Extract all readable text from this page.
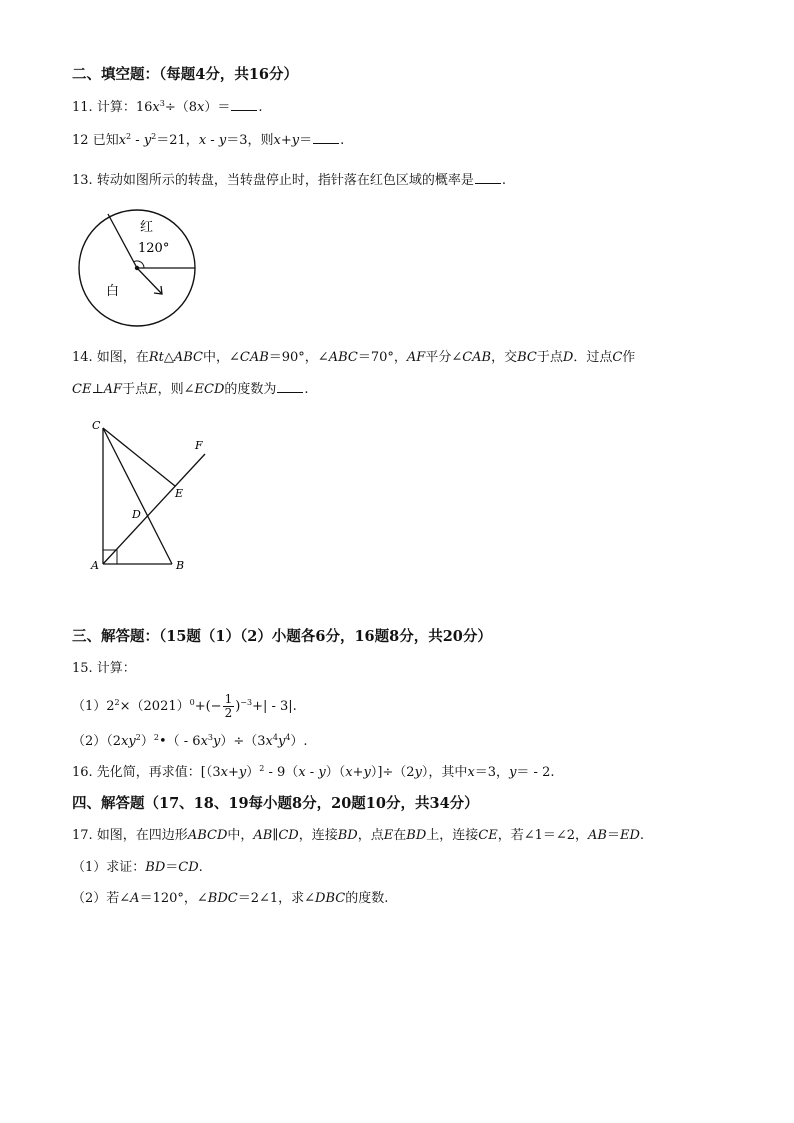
二、填空题：（每题4分，共16分）
11. 计算：$16x^3\div(8x)=$ .
12 已知$x^2 - y^2=21$，x - y＝3，则x+y＝ .
13. 转动如图所示的转盘，当转盘停止时，指针落在红色区域的概率是 .
红
120°
白
14. 如图，在Rt△ABC中，∠CAB＝90°，∠ABC＝70°，AF平分∠CAB，交BC于点D．过点C作
CE⊥AF于点E，则∠ECD的度数为 .
C
F
E
D
A	B
三、解答题：（15题（1）（2）小题各6分，16题8分，共20分）
15. 计算：
$(1)2^2\times(2021)^0+(- \frac{1}{2} )^{-3}+| - 3|$.
$(2)(2xy^2)^2•( - 6x^3y)\div(3x^4y^4)$.
16. 先化简，再求值：$[(3x+y)^2 - 9(x - y)(x+y)]\div(2y)$，其中x＝3，y＝ - 2.
四、解答题（17、18、19每小题8分，20题10分，共34分）
17. 如图，在四边形ABCD中，AB∥CD，连接BD，点E在BD上，连接CE，若∠1＝∠2，AB＝ED.
（1）求证：BD＝CD.
（2）若∠A＝120°，∠BDC＝2∠1，求∠DBC的度数.
